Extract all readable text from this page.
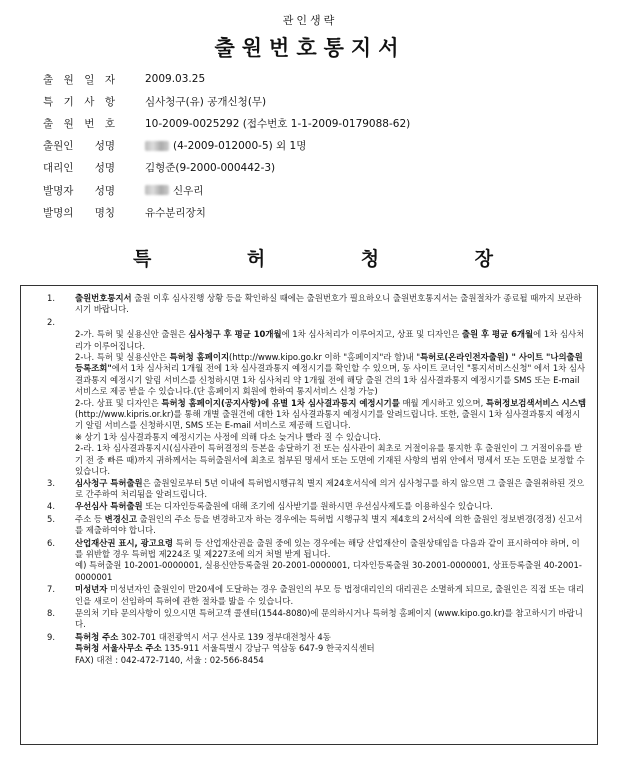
관인생략
출원번호통지서
출 원 일 자	2009.03.25
특 기 사 항	심사청구(유) 공개신청(무)
출 원 번 호	10-2009-0025292 (접수번호 1-1-2009-0179088-62)
출원인 성명	(4-2009-012000-5) 외 1명
대리인 성명	김형준(9-2000-000442-3)
발명자 성명	신우리
발명의 명칭	유수분리장치
특	허	청	장
1.	출원번호통지서 출원 이후 심사진행 상황 등을 확인하실 때에는 출원번호가 필요하오니 출원번호통지서는 출원절차가 종료될 때까지 보관하시기 바랍니다.
2.
2-가. 특허 및 실용신안 출원은 심사청구 후 평균 10개월에 1차 심사처리가 이루어지고, 상표 및 디자인은 출원 후 평균 6개월에 1차 심사처리가 이루어집니다.
2-나. 특허 및 실용신안은 특허청 홈페이지(http://www.kipo.go.kr 이하 "홈페이지"라 함)내 "특허로(온라인전자출원) " 사이트 "나의출원등록조회"에서 1차 심사처리 1개월 전에 1차 심사결과통지 예정시기를 확인할 수 있으며, 동 사이트 코너인 "통지서비스신청" 에서 1차 심사결과통지 예정시기 알림 서비스를 신청하시면 1차 심사처리 약 1개월 전에 해당 출원 건의 1차 심사결과통지 예정시기를 SMS 또는 E-mail 서비스로 제공 받을 수 있습니다.(단 홈페이지 회원에 한하여 통지서비스 신청 가능)
2-다. 상표 및 디자인은 특허청 홈페이지(공지사항)에 유별 1차 심사결과통지 예정시기를 매월 게시하고 있으며, 특허정보검색서비스 시스템(http://www.kipris.or.kr)를 통해 개별 출원건에 대한 1차 심사결과통지 예정시기를 알려드립니다. 또한, 출원시 1차 심사결과통지 예정시기 알림 서비스를 신청하시면, SMS 또는 E-mail 서비스로 제공해 드립니다.
※ 상기 1차 심사결과통지 예정시기는 사정에 의해 다소 늦거나 빨라 질 수 있습니다.
2-라. 1차 심사결과통지시(심사관이 특허결정의 등본을 송달하기 전 또는 심사관이 최초로 거절이유를 통지한 후 출원인이 그 거절이유를 받기 전 중 빠른 때)까지 귀하께서는 특허출원서에 최초로 첨부된 명세서 또는 도면에 기재된 사항의 범위 안에서 명세서 또는 도면을 보정할 수 있습니다.
3.	심사청구 특허출원은 출원일로부터 5년 이내에 특허법시행규칙 별지 제24호서식에 의거 심사청구를 하지 않으면 그 출원은 출원취하된 것으로 간주하여 처리됨을 알려드립니다.
4.	우선심사 특허출원 또는 디자인등록출원에 대해 조기에 심사받기를 원하시면 우선심사제도를 이용하실수 있습니다.
5.	주소 등 변경신고 출원인의 주소 등을 변경하고자 하는 경우에는 특허법 시행규칙 별지 제4호의 2서식에 의한 출원인 정보변경(경정) 신고서를 제출하여야 합니다.
6.	산업재산권 표시, 광고요령 특허 등 산업재산권을 출원 중에 있는 경우에는 해당 산업재산이 출원상태임을 다음과 같이 표시하여야 하며, 이를 위반할 경우 특허법 제224조 및 제227조에 의거 처벌 받게 됩니다.
예) 특허출원 10-2001-0000001, 실용신안등록출원 20-2001-0000001, 디자인등록출원 30-2001-0000001, 상표등록출원 40-2001-0000001
7.	미성년자 미성년자인 출원인이 만20세에 도달하는 경우 출원인의 부모 등 법정대리인의 대리권은 소멸하게 되므로, 출원인은 직접 또는 대리인을 새로이 선임하여 특허에 관한 절차를 밟을 수 있습니다.
8.	문의처 기타 문의사항이 있으시면 특허고객 콜센터(1544-8080)에 문의하시거나 특허청 홈페이지 (www.kipo.go.kr)를 참고하시기 바랍니다.
9.	특허청 주소 302-701 대전광역시 서구 선사로 139 정부대전청사 4동
특허청 서울사무소 주소 135-911 서울특별시 강남구 역삼동 647-9 한국지식센터
FAX) 대전 : 042-472-7140, 서울 : 02-566-8454
